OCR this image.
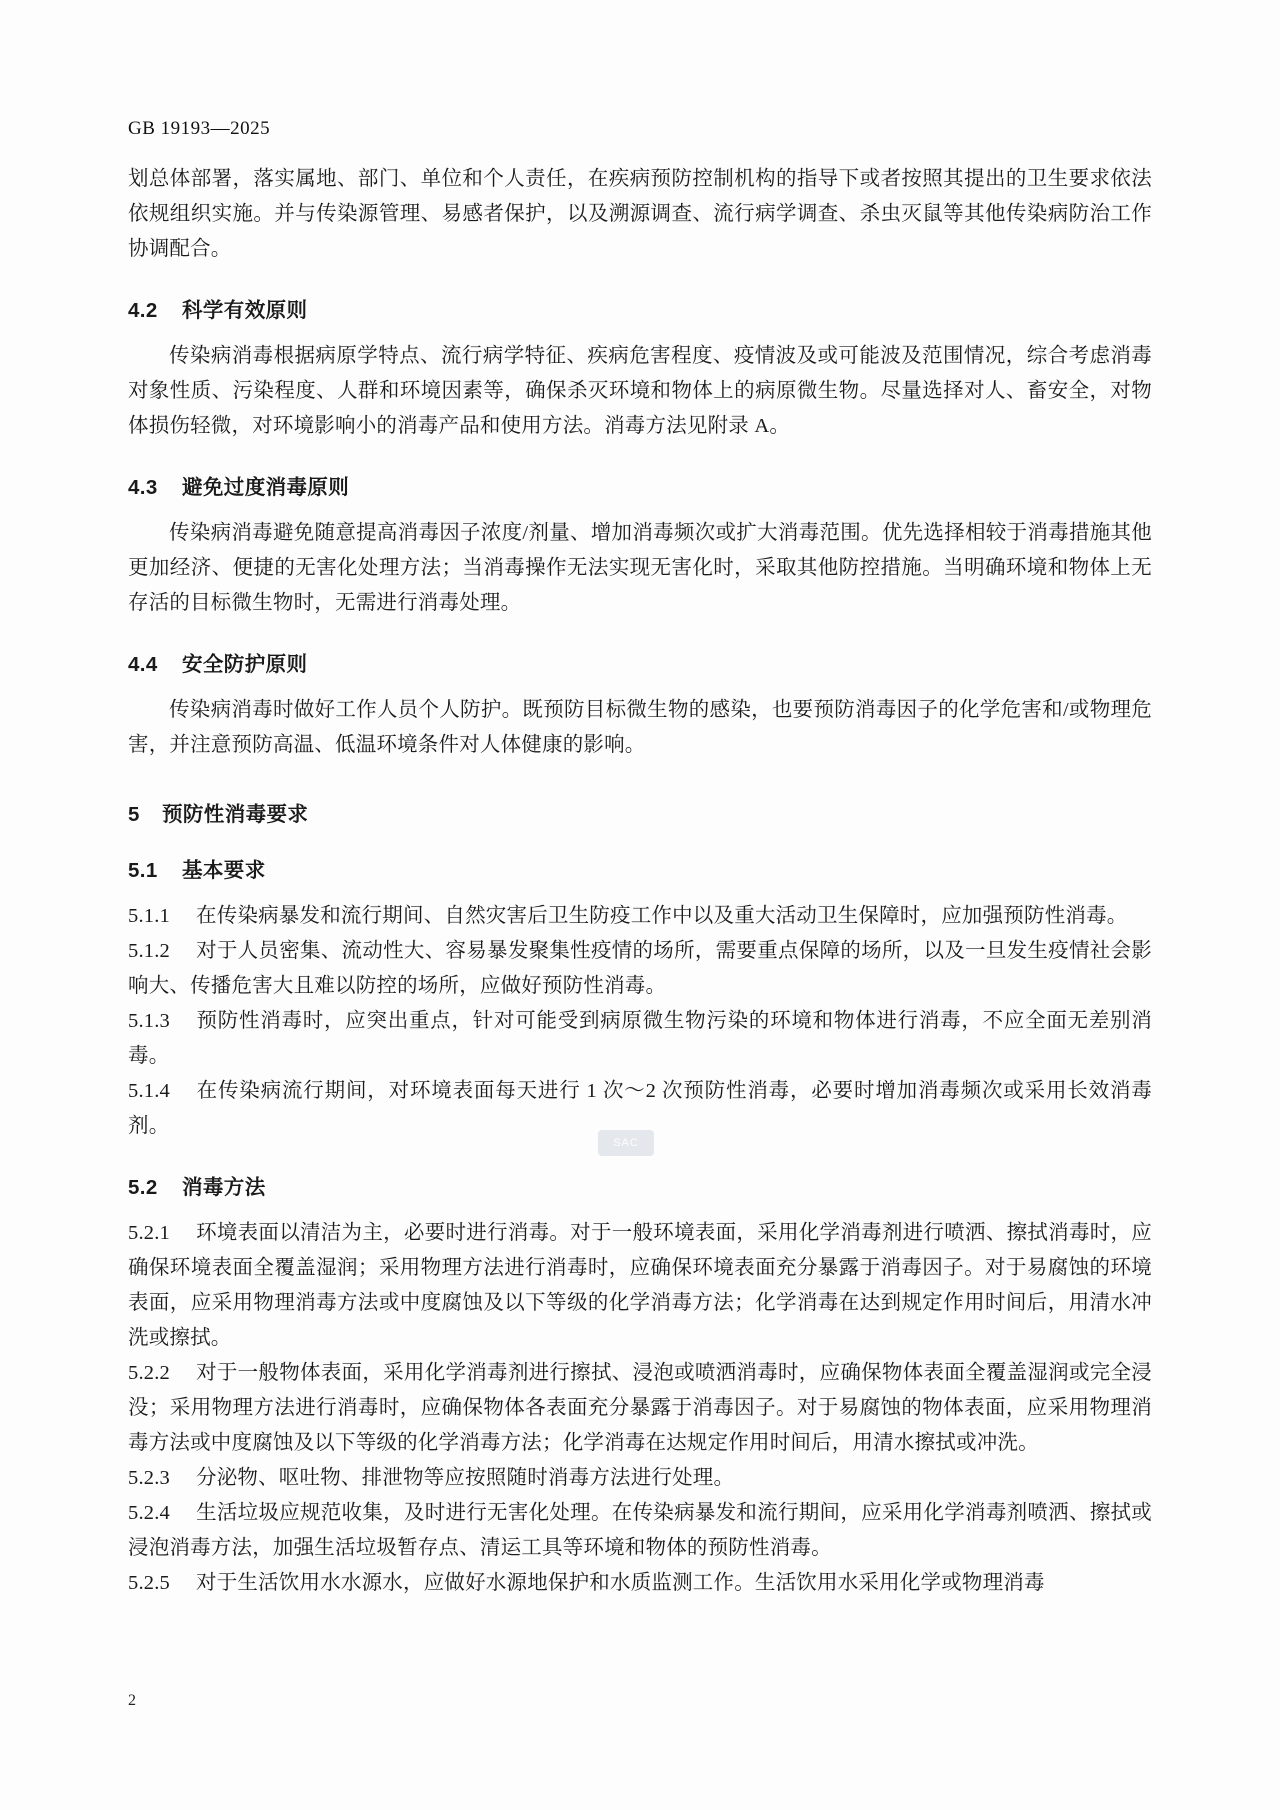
GB 19193—2025

划总体部署，落实属地、部门、单位和个人责任，在疾病预防控制机构的指导下或者按照其提出的卫生要求依法依规组织实施。并与传染源管理、易感者保护，以及溯源调查、流行病学调查、杀虫灭鼠等其他传染病防治工作协调配合。

4.2 科学有效原则

传染病消毒根据病原学特点、流行病学特征、疾病危害程度、疫情波及或可能波及范围情况，综合考虑消毒对象性质、污染程度、人群和环境因素等，确保杀灭环境和物体上的病原微生物。尽量选择对人、畜安全，对物体损伤轻微，对环境影响小的消毒产品和使用方法。消毒方法见附录 A。

4.3 避免过度消毒原则

传染病消毒避免随意提高消毒因子浓度/剂量、增加消毒频次或扩大消毒范围。优先选择相较于消毒措施其他更加经济、便捷的无害化处理方法；当消毒操作无法实现无害化时，采取其他防控措施。当明确环境和物体上无存活的目标微生物时，无需进行消毒处理。

4.4 安全防护原则

传染病消毒时做好工作人员个人防护。既预防目标微生物的感染，也要预防消毒因子的化学危害和/或物理危害，并注意预防高温、低温环境条件对人体健康的影响。

5 预防性消毒要求
5.1 基本要求

5.1.1 在传染病暴发和流行期间、自然灾害后卫生防疫工作中以及重大活动卫生保障时，应加强预防性消毒。

5.1.2 对于人员密集、流动性大、容易暴发聚集性疫情的场所，需要重点保障的场所，以及一旦发生疫情社会影响大、传播危害大且难以防控的场所，应做好预防性消毒。

5.1.3 预防性消毒时，应突出重点，针对可能受到病原微生物污染的环境和物体进行消毒，不应全面无差别消毒。

5.1.4 在传染病流行期间，对环境表面每天进行 1 次～2 次预防性消毒，必要时增加消毒频次或采用长效消毒剂。

5.2 消毒方法

5.2.1 环境表面以清洁为主，必要时进行消毒。对于一般环境表面，采用化学消毒剂进行喷洒、擦拭消毒时，应确保环境表面全覆盖湿润；采用物理方法进行消毒时，应确保环境表面充分暴露于消毒因子。对于易腐蚀的环境表面，应采用物理消毒方法或中度腐蚀及以下等级的化学消毒方法；化学消毒在达到规定作用时间后，用清水冲洗或擦拭。

5.2.2 对于一般物体表面，采用化学消毒剂进行擦拭、浸泡或喷洒消毒时，应确保物体表面全覆盖湿润或完全浸没；采用物理方法进行消毒时，应确保物体各表面充分暴露于消毒因子。对于易腐蚀的物体表面，应采用物理消毒方法或中度腐蚀及以下等级的化学消毒方法；化学消毒在达规定作用时间后，用清水擦拭或冲洗。

5.2.3 分泌物、呕吐物、排泄物等应按照随时消毒方法进行处理。

5.2.4 生活垃圾应规范收集，及时进行无害化处理。在传染病暴发和流行期间，应采用化学消毒剂喷洒、擦拭或浸泡消毒方法，加强生活垃圾暂存点、清运工具等环境和物体的预防性消毒。

5.2.5 对于生活饮用水水源水，应做好水源地保护和水质监测工作。生活饮用水采用化学或物理消毒

SAC
2
